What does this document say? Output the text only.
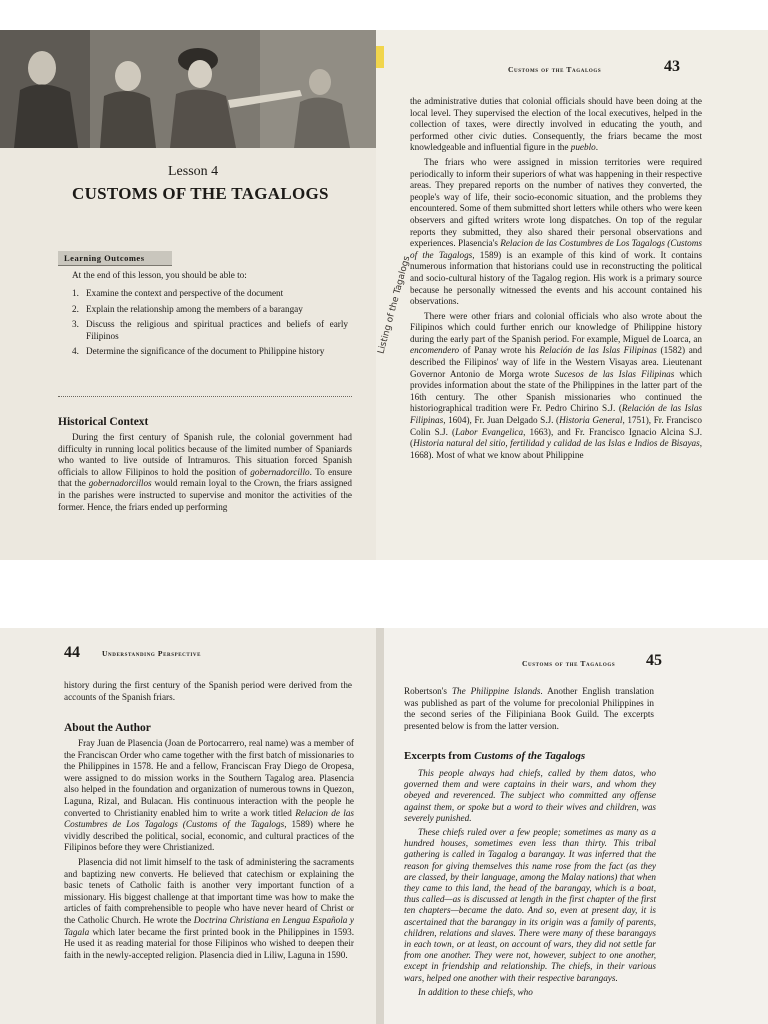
Lesson 4
CUSTOMS OF THE TAGALOGS
Learning Outcomes
At the end of this lesson, you should be able to:
1. Examine the context and perspective of the document
2. Explain the relationship among the members of a barangay
3. Discuss the religious and spiritual practices and beliefs of early Filipinos
4. Determine the significance of the document to Philippine history
Historical Context

During the first century of Spanish rule, the colonial government had difficulty in running local politics because of the limited number of Spaniards who wanted to live outside of Intramuros. This situation forced Spanish officials to allow Filipinos to hold the position of gobernadorcillo. To ensure that the gobernadorcillos would remain loyal to the Crown, the friars assigned in the parishes were instructed to supervise and monitor the activities of the former. Hence, the friars ended up performing

Customs of the Tagalogs	43
Listing of the Tagalogs

the administrative duties that colonial officials should have been doing at the local level. They supervised the election of the local executives, helped in the collection of taxes, were directly involved in educating the youth, and performed other civic duties. Consequently, the friars became the most knowledgeable and influential figure in the pueblo.

The friars who were assigned in mission territories were required periodically to inform their superiors of what was happening in their respective areas. They prepared reports on the number of natives they converted, the people's way of life, their socio-economic situation, and the problems they encountered. Some of them submitted short letters while others who were keen observers and gifted writers wrote long dispatches. On top of the regular reports they submitted, they also shared their personal observations and experiences. Plasencia's Relacion de las Costumbres de Los Tagalogs (Customs of the Tagalogs, 1589) is an example of this kind of work. It contains numerous information that historians could use in reconstructing the political and socio-cultural history of the Tagalog region. His work is a primary source because he personally witnessed the events and his account contained his observations.

There were other friars and colonial officials who also wrote about the Filipinos which could further enrich our knowledge of Philippine history during the early part of the Spanish period. For example, Miguel de Loarca, an encomendero of Panay wrote his Relación de las Islas Filipinas (1582) and described the Filipinos' way of life in the Western Visayas area. Lieutenant Governor Antonio de Morga wrote Sucesos de las Islas Filipinas which provides information about the state of the Philippines in the latter part of the 16th century. The other Spanish missionaries who continued the historiographical tradition were Fr. Pedro Chirino S.J. (Relación de las Islas Filipinas, 1604), Fr. Juan Delgado S.J. (Historia General, 1751), Fr. Francisco Colin S.J. (Labor Evangelica, 1663), and Fr. Francisco Ignacio Alcina S.J. (Historia natural del sitio, fertilidad y calidad de las Islas e Indios de Bisayas, 1668). Most of what we know about Philippine

44	Understanding Perspective
history during the first century of the Spanish period were derived from the accounts of the Spanish friars.
About the Author

Fray Juan de Plasencia (Joan de Portocarrero, real name) was a member of the Franciscan Order who came together with the first batch of missionaries to the Philippines in 1578. He and a fellow, Franciscan Fray Diego de Oropesa, were assigned to do mission works in the Southern Tagalog area. Plasencia also helped in the foundation and organization of numerous towns in Quezon, Laguna, Rizal, and Bulacan. His continuous interaction with the people he converted to Christianity enabled him to write a work titled Relacion de las Costumbres de Los Tagalogs (Customs of the Tagalogs, 1589) where he vividly described the political, social, economic, and cultural practices of the Filipinos before they were Christianized.

Plasencia did not limit himself to the task of administering the sacraments and baptizing new converts. He believed that catechism or explaining the basic tenets of Catholic faith is another very important function of a missionary. His biggest challenge at that important time was how to make the articles of faith comprehensible to people who have never heard of Christ or the Catholic Church. He wrote the Doctrina Christiana en Lengua Española y Tagala which later became the first printed book in the Philippines in 1593. He used it as reading material for those Filipinos who wished to deepen their faith in the newly-accepted religion. Plasencia died in Liliw, Laguna in 1590.

Customs of the Tagalogs 45

Robertson's The Philippine Islands. Another English translation was published as part of the volume for precolonial Philippines in the second series of the Filipiniana Book Guild. The excerpts presented below is from the latter version.

Excerpts from Customs of the Tagalogs

This people always had chiefs, called by them datos, who governed them and were captains in their wars, and whom they obeyed and reverenced. The subject who committed any offense against them, or spoke but a word to their wives and children, was severely punished.

These chiefs ruled over a few people; sometimes as many as a hundred houses, sometimes even less than thirty. This tribal gathering is called in Tagalog a barangay. It was inferred that the reason for giving themselves this name rose from the fact (as they are classed, by their language, among the Malay nations) that when they came to this land, the head of the barangay, which is a boat, thus called—as is discussed at length in the first chapter of the first ten chapters—became the dato. And so, even at present day, it is ascertained that the barangay in its origin was a family of parents, children, relations and slaves. There were many of these barangays in each town, or at least, on account of wars, they did not settle far from one another. They were not, however, subject to one another, except in friendship and relationship. The chiefs, in their various wars, helped one another with their respective barangays.

In addition to these chiefs, who
